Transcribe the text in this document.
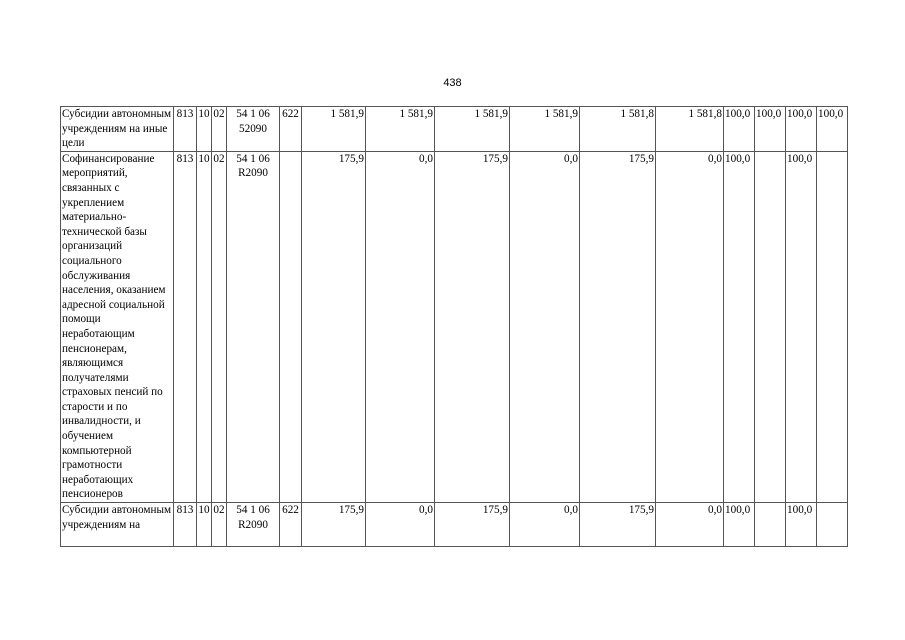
438
Субсидии автономным учреждениям на иные цели	813	10	02	54 1 06 52090	622	1 581,9	1 581,9	1 581,9	1 581,9	1 581,8	1 581,8	100,0	100,0	100,0	100,0
Софинансирование мероприятий, связанных с укреплением материально-технической базы организаций социального обслуживания населения, оказанием адресной социальной помощи неработающим пенсионерам, являющимся получателями страховых пенсий по старости и по инвалидности, и обучением компьютерной грамотности неработающих пенсионеров	813	10	02	54 1 06 R2090		175,9	0,0	175,9	0,0	175,9	0,0	100,0		100,0	
Субсидии автономным учреждениям на	813	10	02	54 1 06 R2090	622	175,9	0,0	175,9	0,0	175,9	0,0	100,0		100,0	
